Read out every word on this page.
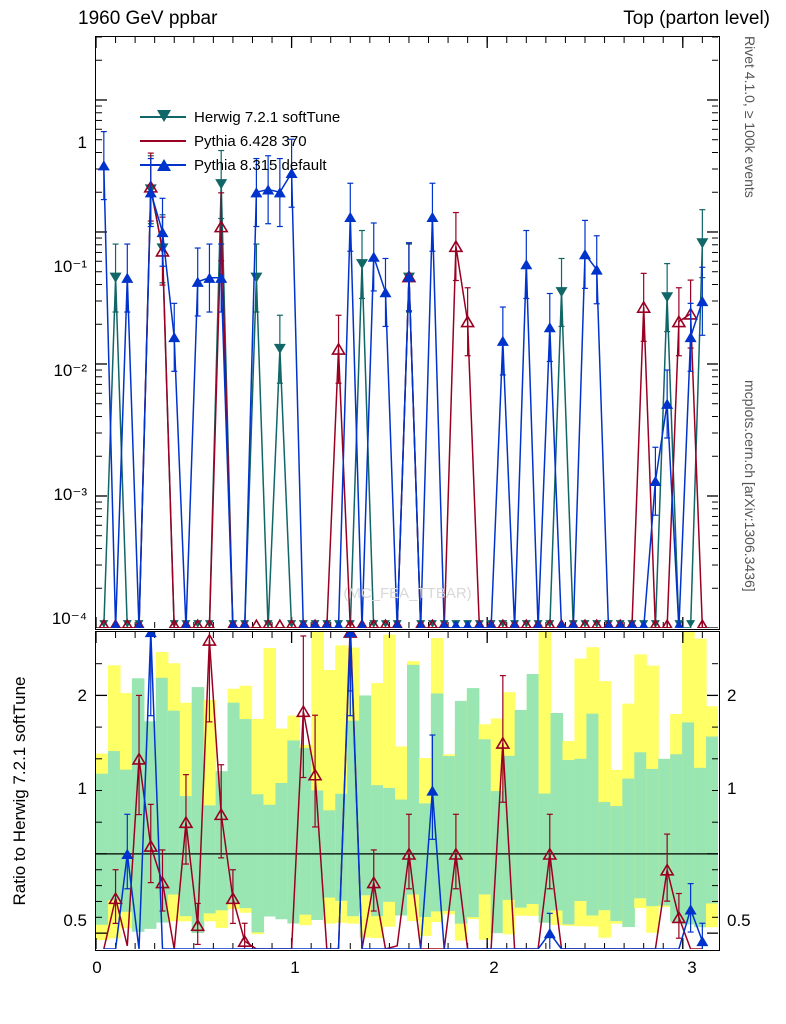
1960 GeV ppbar	Top (parton level)
1
10⁻¹
10⁻²
10⁻³
10⁻⁴
Herwig 7.2.1 softTune
Pythia 6.428 370
Pythia 8.315 default
(MC_FEA_TTBAR)
2
1
0.5
2
1
0.5
Ratio to Herwig 7.2.1 softTune
0	1	2	3
Rivet 4.1.0, ≥ 100k events
mcplots.cern.ch [arXiv:1306.3436]
